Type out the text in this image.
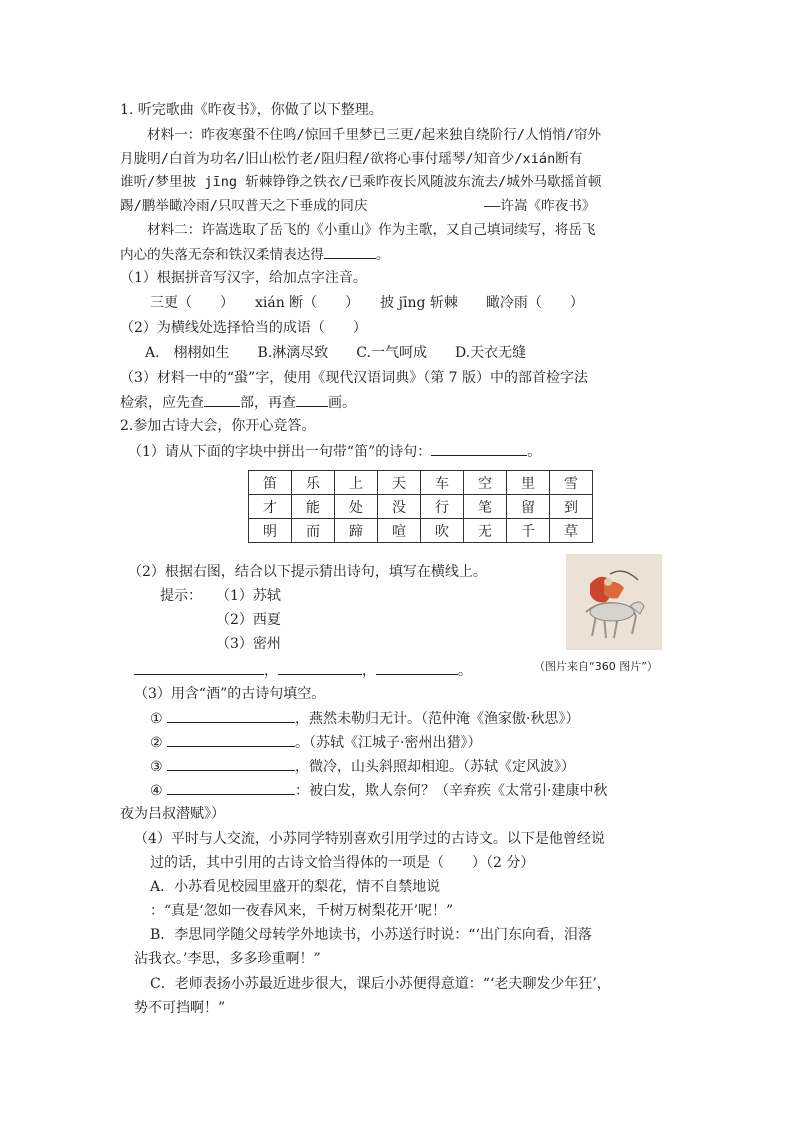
1. 听完歌曲《昨夜书》，你做了以下整理。
材料一：昨夜寒蛩不住鸣/惊回千里梦已三更/起来独自绕阶行/人悄悄/帘外
月胧明/白首为功名/旧山松竹老/阻归程/欲将心事付瑶琴/知音少/xián断有
谁听/梦里披 jīng 斩棘铮铮之铁衣/已乘昨夜长风随波东流去/城外马歇摇首顿
踢/鹏举瞰冷雨/只叹普天之下垂成的同庆	——许嵩《昨夜书》
材料二：许嵩选取了岳飞的《小重山》作为主歌，又自己填词续写，将岳飞
内心的失落无奈和铁汉柔情表达得	。
（1）根据拼音写汉字，给加点字注音。
三更（　　）　　xián 断（　　）　　披 jīng 斩棘　　瞰冷雨（　　）
（2）为横线处选择恰当的成语（　　）
A.　栩栩如生　　B.淋漓尽致　　C.一气呵成　　D.天衣无缝
（3）材料一中的“蛩”字，使用《现代汉语词典》（第 7 版）中的部首检字法
检索，应先查	部，再查 画。
2.参加古诗大会，你开心竞答。
（1）请从下面的字块中拼出一句带“笛”的诗句：	。
笛	乐	上	天	车	空	里	雪
才	能	处	没	行	笔	留	到
明	而	蹄	喧	吹	无	千	草
（2）根据右图，结合以下提示猜出诗句，填写在横线上。
提示： （1）苏轼
（2）西夏
（3）密州
，	，	。	（图片来自“360 图片”）
（3）用含“酒”的古诗句填空。
①	，燕然未勒归无计。（范仲淹《渔家傲·秋思》）
②	。（苏轼《江城子·密州出猎》）
③	，微冷，山头斜照却相迎。（苏轼《定风波》）
④	：被白发，欺人奈何？（辛弃疾《太常引·建康中秋
夜为吕叔潜赋》）
（4）平时与人交流，小苏同学特别喜欢引用学过的古诗文。以下是他曾经说
过的话，其中引用的古诗文恰当得体的一项是（　　）（2 分）
A．小苏看见校园里盛开的梨花，情不自禁地说
：“真是‘忽如一夜春风来，千树万树梨花开’呢！”
B．李思同学随父母转学外地读书，小苏送行时说：“‘出门东向看，泪落
沾我衣。’李思，多多珍重啊！”
C．老师表扬小苏最近进步很大，课后小苏便得意道：“‘老夫聊发少年狂’，
势不可挡啊！”
